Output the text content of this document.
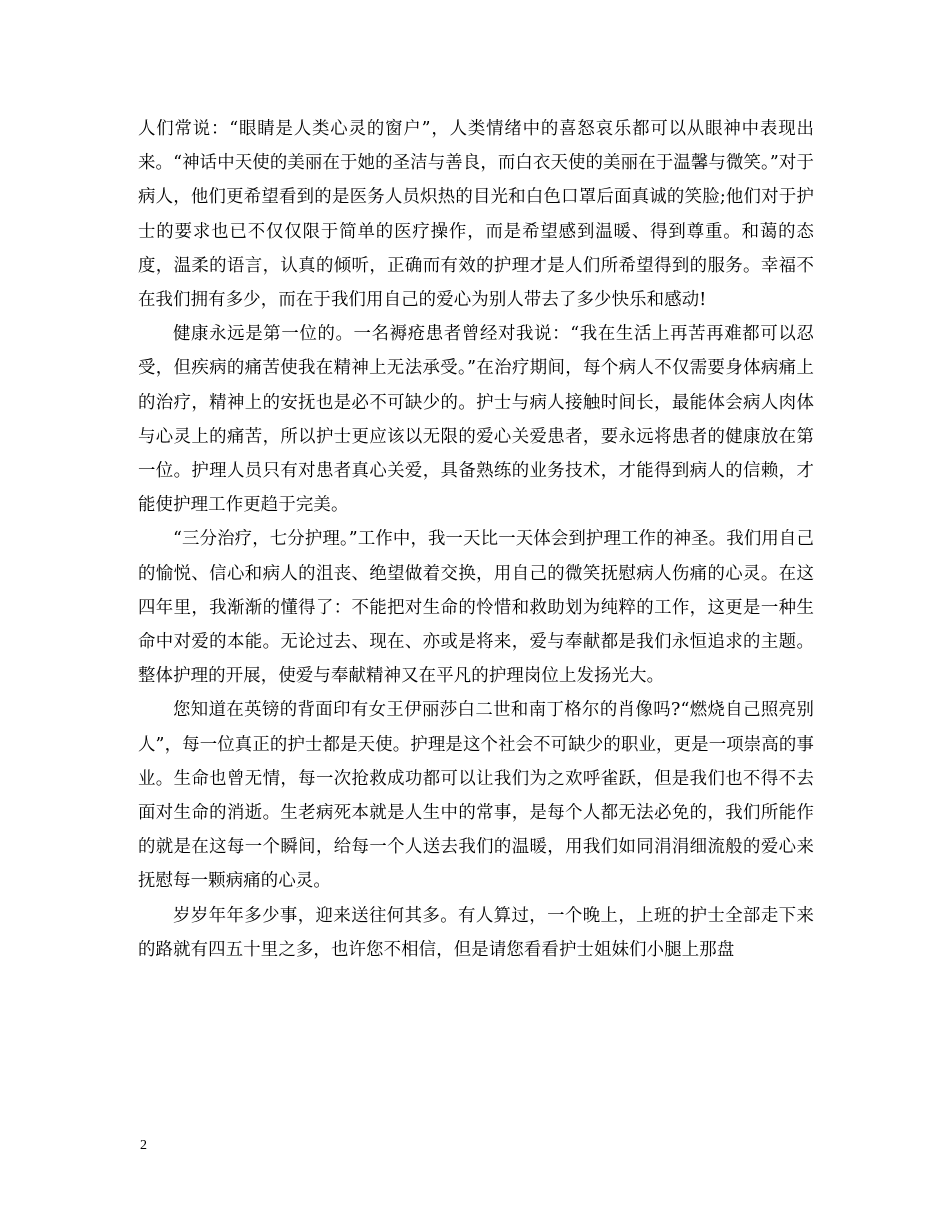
人们常说：“眼睛是人类心灵的窗户”，人类情绪中的喜怒哀乐都可以从眼神中表现出来。“神话中天使的美丽在于她的圣洁与善良，而白衣天使的美丽在于温馨与微笑。”对于病人，他们更希望看到的是医务人员炽热的目光和白色口罩后面真诚的笑脸;他们对于护士的要求也已不仅仅限于简单的医疗操作，而是希望感到温暖、得到尊重。和蔼的态度，温柔的语言，认真的倾听，正确而有效的护理才是人们所希望得到的服务。幸福不在我们拥有多少，而在于我们用自己的爱心为别人带去了多少快乐和感动!

健康永远是第一位的。一名褥疮患者曾经对我说：“我在生活上再苦再难都可以忍受，但疾病的痛苦使我在精神上无法承受。”在治疗期间，每个病人不仅需要身体病痛上的治疗，精神上的安抚也是必不可缺少的。护士与病人接触时间长，最能体会病人肉体与心灵上的痛苦，所以护士更应该以无限的爱心关爱患者，要永远将患者的健康放在第一位。护理人员只有对患者真心关爱，具备熟练的业务技术，才能得到病人的信赖，才能使护理工作更趋于完美。

“三分治疗，七分护理。”工作中，我一天比一天体会到护理工作的神圣。我们用自己的愉悦、信心和病人的沮丧、绝望做着交换，用自己的微笑抚慰病人伤痛的心灵。在这四年里，我渐渐的懂得了：不能把对生命的怜惜和救助划为纯粹的工作，这更是一种生命中对爱的本能。无论过去、现在、亦或是将来，爱与奉献都是我们永恒追求的主题。整体护理的开展，使爱与奉献精神又在平凡的护理岗位上发扬光大。

您知道在英镑的背面印有女王伊丽莎白二世和南丁格尔的肖像吗?“燃烧自己照亮别人”，每一位真正的护士都是天使。护理是这个社会不可缺少的职业，更是一项崇高的事业。生命也曾无情，每一次抢救成功都可以让我们为之欢呼雀跃，但是我们也不得不去面对生命的消逝。生老病死本就是人生中的常事，是每个人都无法必免的，我们所能作的就是在这每一个瞬间，给每一个人送去我们的温暖，用我们如同涓涓细流般的爱心来抚慰每一颗病痛的心灵。

岁岁年年多少事，迎来送往何其多。有人算过，一个晚上，上班的护士全部走下来的路就有四五十里之多，也许您不相信，但是请您看看护士姐妹们小腿上那盘

2
